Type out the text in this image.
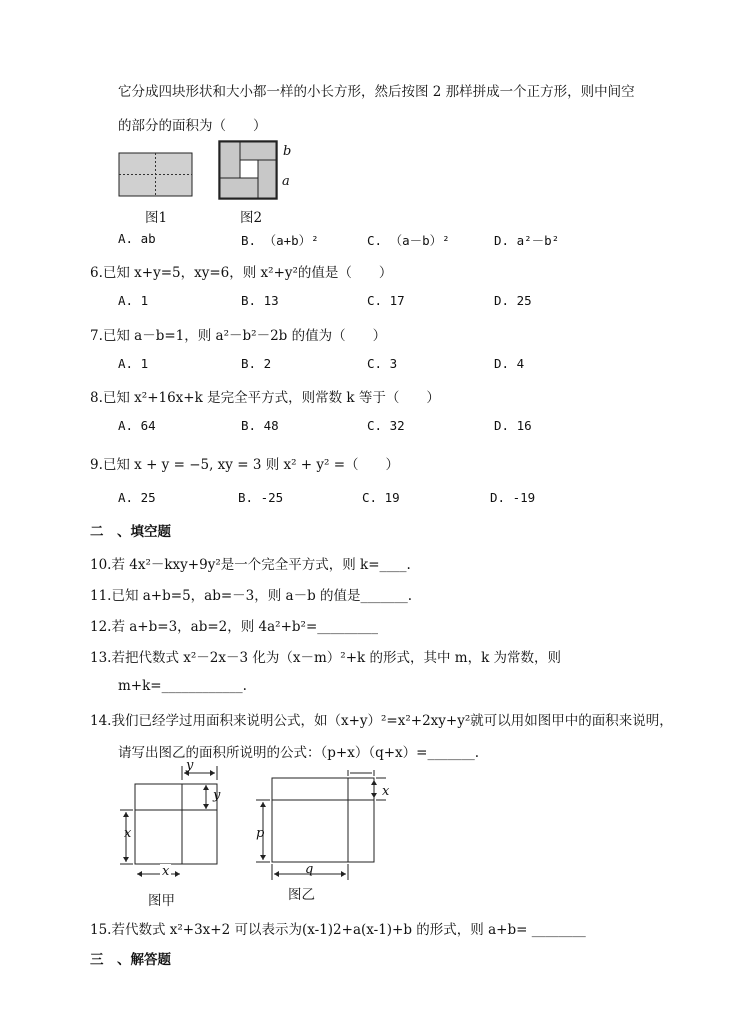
它分成四块形状和大小都一样的小长方形，然后按图 2 那样拼成一个正方形，则中间空
的部分的面积为（　　）
图1
b
a
图2
A. ab	B. （a+b）²	C. （a－b）²	D. a²－b²
6.已知 x+y=5，xy=6，则 x²+y²的值是（　　）
A. 1	B. 13	C. 17	D. 25
7.已知 a－b=1，则 a²－b²－2b 的值为（　　）
A. 1	B. 2	C. 3	D. 4
8.已知 x²+16x+k 是完全平方式，则常数 k 等于（　　）
A. 64	B. 48	C. 32	D. 16
9.已知 x + y = −5, xy = 3 则 x² + y² =（　　）
A. 25	B. -25	C. 19	D. -19
二　、填空题
10.若 4x²－kxy+9y²是一个完全平方式，则 k=____.
11.已知 a+b=5，ab=－3，则 a－b 的值是_______.
12.若 a+b=3，ab=2，则 4a²+b²=_________
13.若把代数式 x²－2x－3 化为（x－m）²+k 的形式，其中 m，k 为常数，则
m+k=____________.
14.我们已经学过用面积来说明公式，如（x+y）²=x²+2xy+y²就可以用如图甲中的面积来说明，
请写出图乙的面积所说明的公式：（p+x）（q+x）=_______.
y
y
x
x
图甲
x
p
q
图乙
15.若代数式 x²+3x+2 可以表示为(x-1)2+a(x-1)+b 的形式，则 a+b= ________
三　、解答题
